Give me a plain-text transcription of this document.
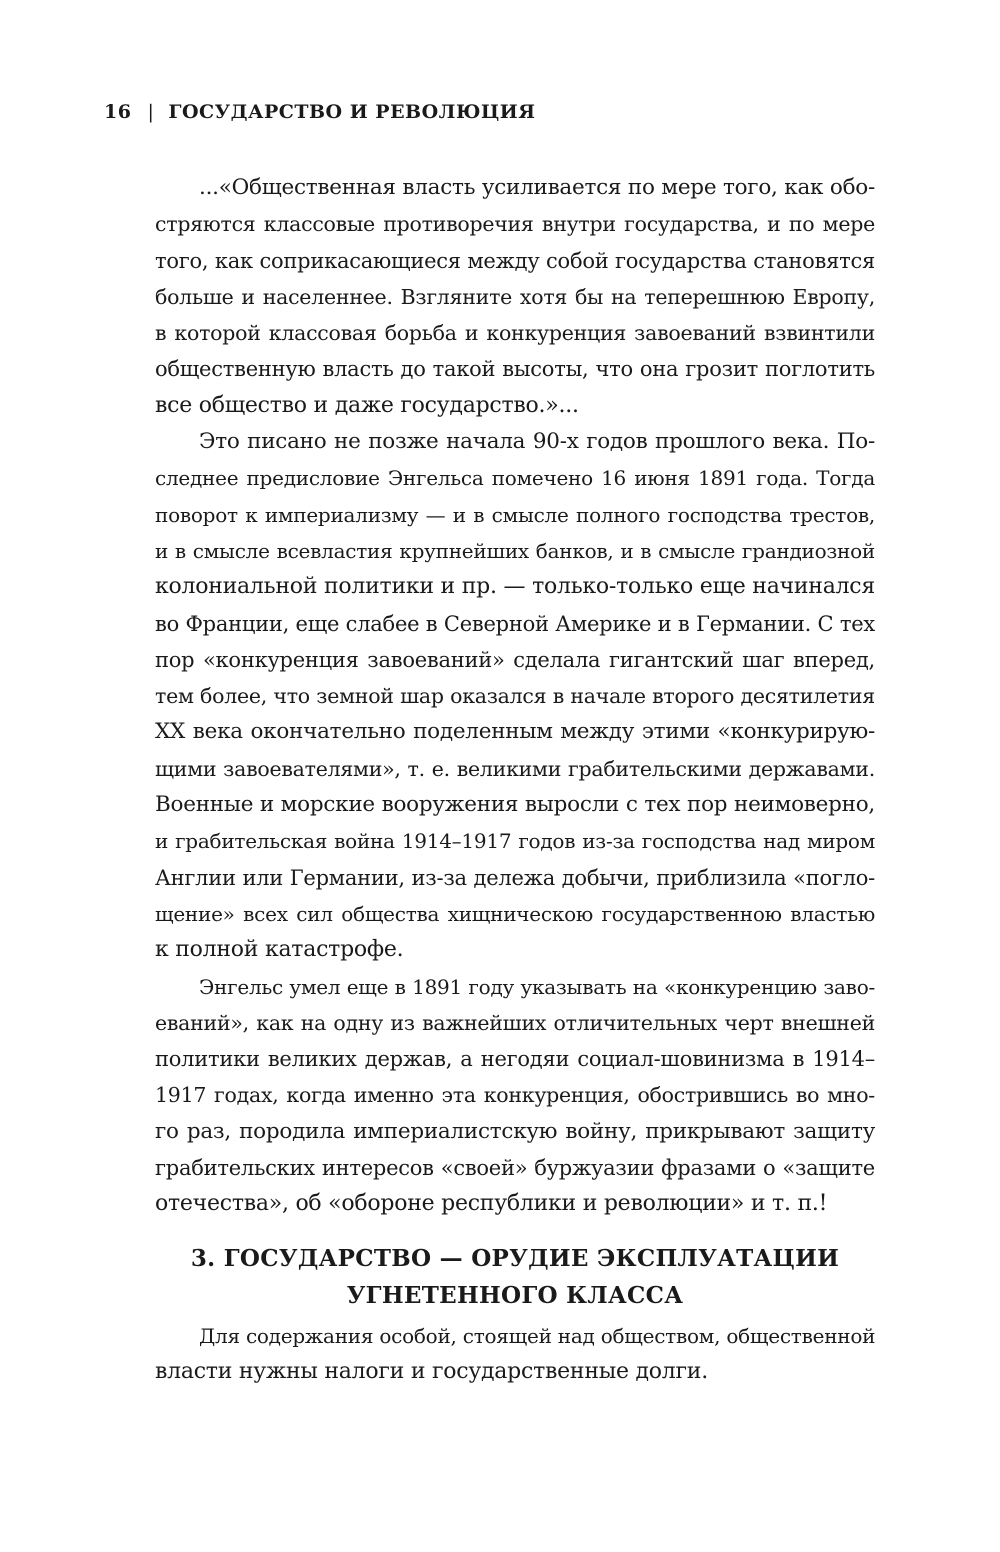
16 | ГОСУДАРСТВО И РЕВОЛЮЦИЯ
...«Общественная власть усиливается по мере того, как обо-
стряются классовые противоречия внутри государства, и по мере
того, как соприкасающиеся между собой государства становятся
больше и населеннее. Взгляните хотя бы на теперешнюю Европу,
в которой классовая борьба и конкуренция завоеваний взвинтили
общественную власть до такой высоты, что она грозит поглотить
все общество и даже государство.»...
Это писано не позже начала 90-х годов прошлого века. По-
следнее предисловие Энгельса помечено 16 июня 1891 года. Тогда
поворот к империализму — и в смысле полного господства трестов,
и в смысле всевластия крупнейших банков, и в смысле грандиозной
колониальной политики и пр. — только-только еще начинался
во Франции, еще слабее в Северной Америке и в Германии. С тех
пор «конкуренция завоеваний» сделала гигантский шаг вперед,
тем более, что земной шар оказался в начале второго десятилетия
XX века окончательно поделенным между этими «конкурирую-
щими завоевателями», т. е. великими грабительскими державами.
Военные и морские вооружения выросли с тех пор неимоверно,
и грабительская война 1914–1917 годов из-за господства над миром
Англии или Германии, из-за дележа добычи, приблизила «погло-
щение» всех сил общества хищническою государственною властью
к полной катастрофе.
Энгельс умел еще в 1891 году указывать на «конкуренцию заво-
еваний», как на одну из важнейших отличительных черт внешней
политики великих держав, а негодяи социал-шовинизма в 1914–
1917 годах, когда именно эта конкуренция, обострившись во мно-
го раз, породила империалистскую войну, прикрывают защиту
грабительских интересов «своей» буржуазии фразами о «защите
отечества», об «обороне республики и революции» и т. п.!
3. ГОСУДАРСТВО — ОРУДИЕ ЭКСПЛУАТАЦИИ
УГНЕТЕННОГО КЛАССА
Для содержания особой, стоящей над обществом, общественной
власти нужны налоги и государственные долги.
